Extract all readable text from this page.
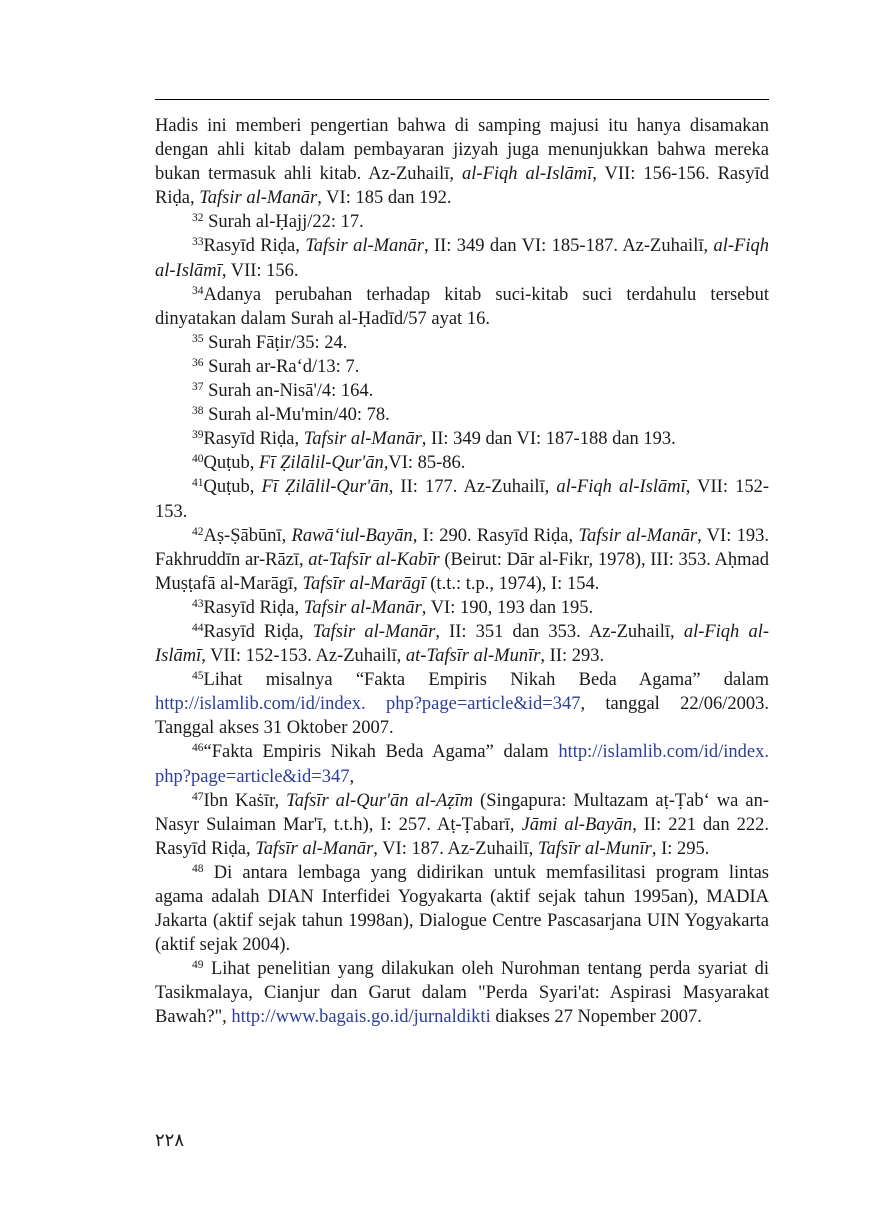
Hadis ini memberi pengertian bahwa di samping majusi itu hanya disamakan dengan ahli kitab dalam pembayaran jizyah juga menunjukkan bahwa mereka bukan termasuk ahli kitab. Az-Zuhailī, al-Fiqh al-Islāmī, VII: 156-156. Rasyīd Riḍa, Tafsir al-Manār, VI: 185 dan 192.

$^{32}$ Surah al-Ḥajj/22: 17.

$^{33}$Rasyīd Riḍa, Tafsir al-Manār, II: 349 dan VI: 185-187. Az-Zuhailī, al-Fiqh al-Islāmī, VII: 156.

$^{34}$Adanya perubahan terhadap kitab suci-kitab suci terdahulu tersebut dinyatakan dalam Surah al-Ḥadīd/57 ayat 16.

$^{35}$ Surah Fāṭir/35: 24.

$^{36}$ Surah ar-Ra‘d/13: 7.

$^{37}$ Surah an-Nisā'/4: 164.

$^{38}$ Surah al-Mu'min/40: 78.

$^{39}$Rasyīd Riḍa, Tafsir al-Manār, II: 349 dan VI: 187-188 dan 193.

$^{40}$Quṭub, Fī Ẓilālil-Qur'ān,VI: 85-86.

$^{41}$Quṭub, Fī Ẓilālil-Qur'ān, II: 177. Az-Zuhailī, al-Fiqh al-Islāmī, VII: 152-153.

$^{42}$Aṣ-Ṣābūnī, Rawā‘iul-Bayān, I: 290. Rasyīd Riḍa, Tafsir al-Manār, VI: 193. Fakhruddīn ar-Rāzī, at-Tafsīr al-Kabīr (Beirut: Dār al-Fikr, 1978), III: 353. Aḥmad Muṣṭafā al-Marāgī, Tafsīr al-Marāgī (t.t.: t.p., 1974), I: 154.

$^{43}$Rasyīd Riḍa, Tafsir al-Manār, VI: 190, 193 dan 195.

$^{44}$Rasyīd Riḍa, Tafsir al-Manār, II: 351 dan 353. Az-Zuhailī, al-Fiqh al-Islāmī, VII: 152-153. Az-Zuhailī, at-Tafsīr al-Munīr, II: 293.

$^{45}$Lihat misalnya “Fakta Empiris Nikah Beda Agama” dalam http://islamlib.com/id/index. php?page=article&id=347, tanggal 22/06/2003. Tanggal akses 31 Oktober 2007.

$^{46}$“Fakta Empiris Nikah Beda Agama” dalam http://islamlib.com/id/index. php?page=article&id=347,

$^{47}$Ibn Kaṡīr, Tafsīr al-Qur'ān al-Aẓīm (Singapura: Multazam aṭ-Ṭab‘ wa an-Nasyr Sulaiman Mar'ī, t.t.h), I: 257. Aṭ-Ṭabarī, Jāmi al-Bayān, II: 221 dan 222. Rasyīd Riḍa, Tafsīr al-Manār, VI: 187. Az-Zuhailī, Tafsīr al-Munīr, I: 295.

$^{48}$ Di antara lembaga yang didirikan untuk memfasilitasi program lintas agama adalah DIAN Interfidei Yogyakarta (aktif sejak tahun 1995an), MADIA Jakarta (aktif sejak tahun 1998an), Dialogue Centre Pascasarjana UIN Yogyakarta (aktif sejak 2004).

$^{49}$ Lihat penelitian yang dilakukan oleh Nurohman tentang perda syariat di Tasikmalaya, Cianjur dan Garut dalam "Perda Syari'at: Aspirasi Masyarakat Bawah?", http://www.bagais.go.id/jurnaldikti diakses 27 Nopember 2007.

٢٢٨
